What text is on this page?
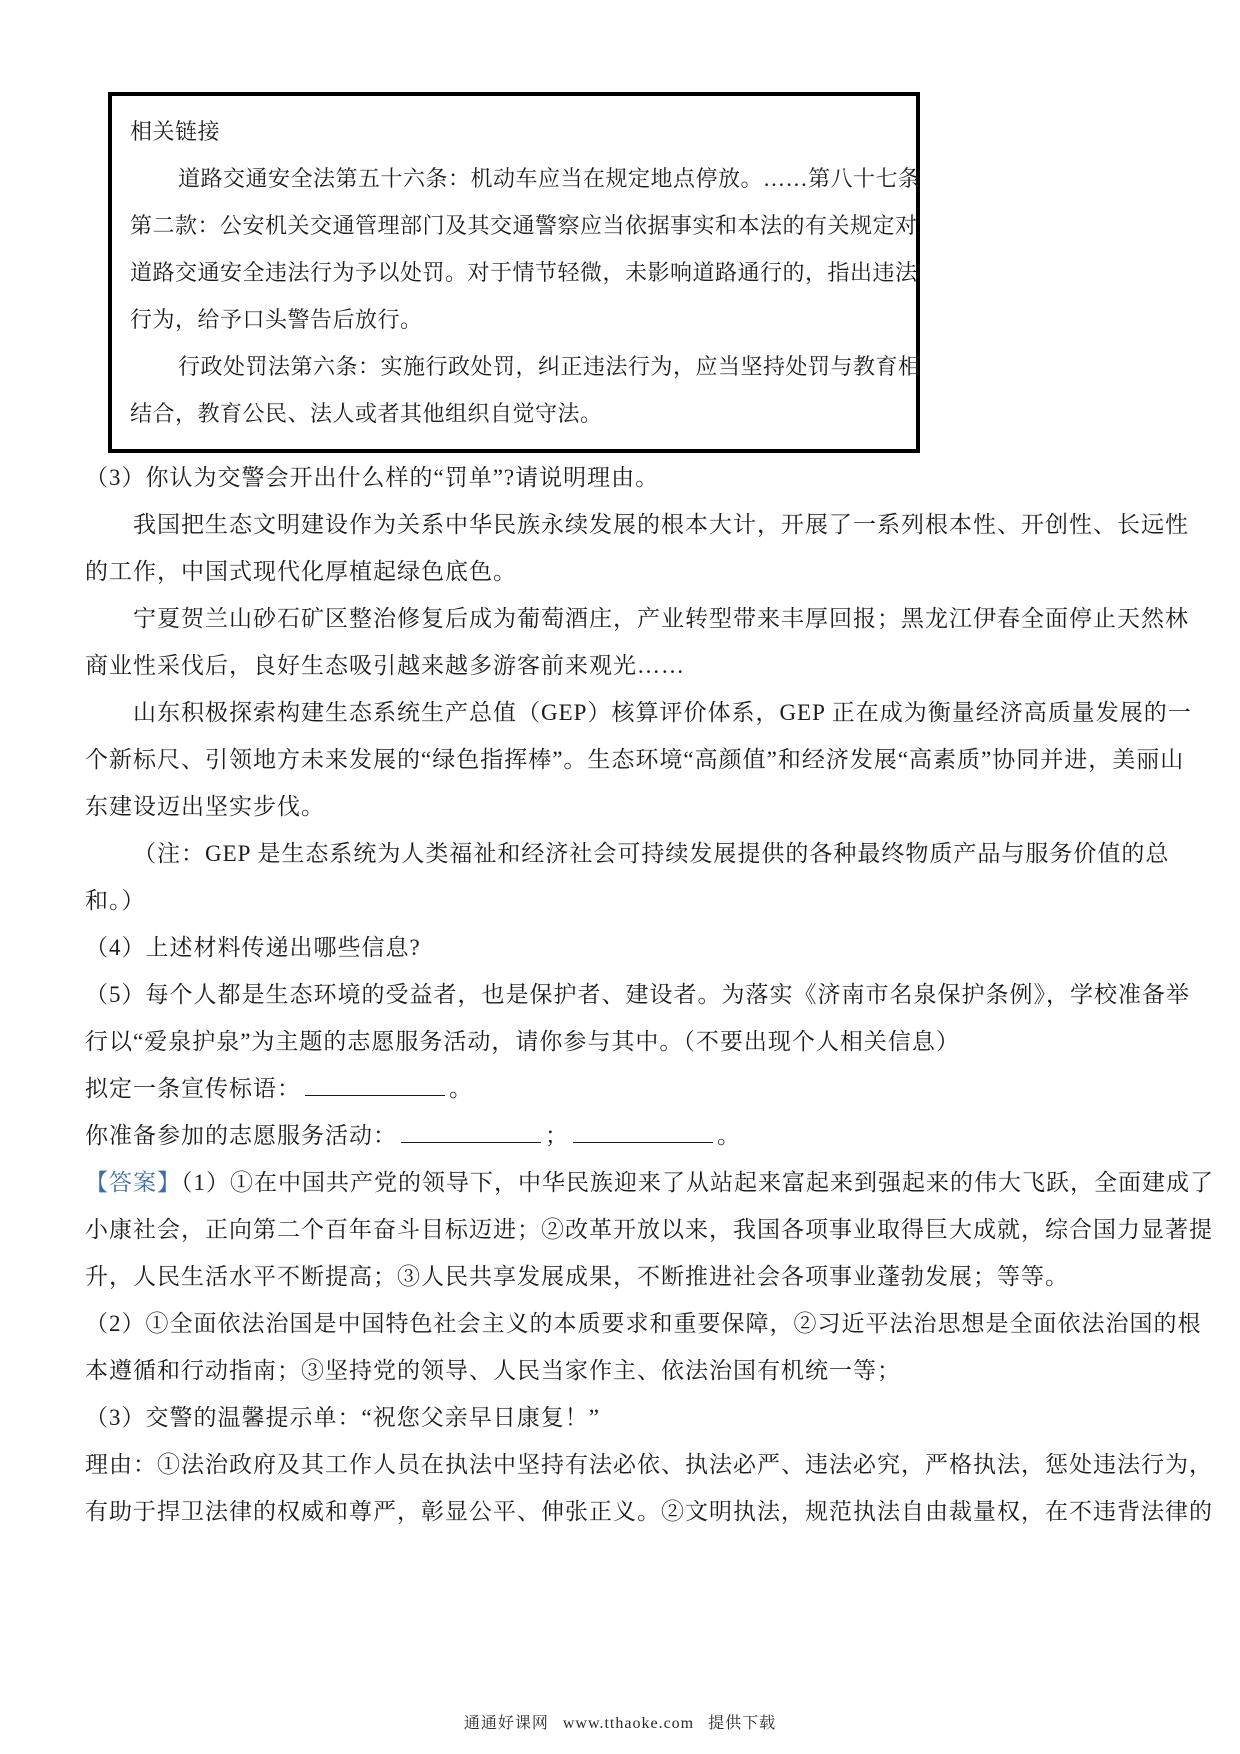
相关链接
道路交通安全法第五十六条：机动车应当在规定地点停放。……第八十七条
第二款：公安机关交通管理部门及其交通警察应当依据事实和本法的有关规定对
道路交通安全违法行为予以处罚。对于情节轻微，未影响道路通行的，指出违法
行为，给予口头警告后放行。
行政处罚法第六条：实施行政处罚，纠正违法行为，应当坚持处罚与教育相
结合，教育公民、法人或者其他组织自觉守法。
（3）你认为交警会开出什么样的“罚单”?请说明理由。
我国把生态文明建设作为关系中华民族永续发展的根本大计，开展了一系列根本性、开创性、长远性
的工作，中国式现代化厚植起绿色底色。
宁夏贺兰山砂石矿区整治修复后成为葡萄酒庄，产业转型带来丰厚回报；黑龙江伊春全面停止天然林
商业性采伐后，良好生态吸引越来越多游客前来观光……
山东积极探索构建生态系统生产总值（GEP）核算评价体系，GEP 正在成为衡量经济高质量发展的一
个新标尺、引领地方未来发展的“绿色指挥棒”。生态环境“高颜值”和经济发展“高素质”协同并进，美丽山
东建设迈出坚实步伐。
（注：GEP 是生态系统为人类福祉和经济社会可持续发展提供的各种最终物质产品与服务价值的总
和。）
（4）上述材料传递出哪些信息?
（5）每个人都是生态环境的受益者，也是保护者、建设者。为落实《济南市名泉保护条例》，学校准备举
行以“爱泉护泉”为主题的志愿服务活动，请你参与其中。（不要出现个人相关信息）
拟定一条宣传标语：	。
你准备参加的志愿服务活动：	；	。
【答案】（1）①在中国共产党的领导下，中华民族迎来了从站起来富起来到强起来的伟大飞跃，全面建成了
小康社会，正向第二个百年奋斗目标迈进；②改革开放以来，我国各项事业取得巨大成就，综合国力显著提
升，人民生活水平不断提高；③人民共享发展成果，不断推进社会各项事业蓬勃发展；等等。
（2）①全面依法治国是中国特色社会主义的本质要求和重要保障，②习近平法治思想是全面依法治国的根
本遵循和行动指南；③坚持党的领导、人民当家作主、依法治国有机统一等；
（3）交警的温馨提示单：“祝您父亲早日康复！”
理由：①法治政府及其工作人员在执法中坚持有法必依、执法必严、违法必究，严格执法，惩处违法行为，
有助于捍卫法律的权威和尊严，彰显公平、伸张正义。②文明执法，规范执法自由裁量权，在不违背法律的
通通好课网 www.tthaoke.com 提供下载
